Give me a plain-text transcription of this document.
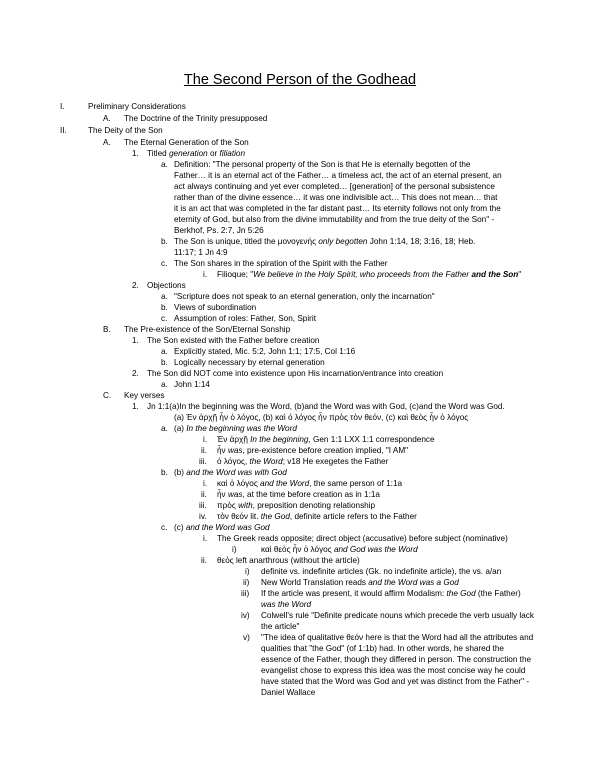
The Second Person of the Godhead
I.	Preliminary Considerations
A. The Doctrine of the Trinity presupposed
II.	The Deity of the Son
A. The Eternal Generation of the Son
1. Titled generation or filiation
a. Definition: "The personal property of the Son is that He is eternally begotten of the
Father… it is an eternal act of the Father… a timeless act, the act of an eternal present, an
act always continuing and yet ever completed… [generation] of the personal subsistence
rather than of the divine essence… it was one indivisible act… This does not mean… that
it is an act that was completed in the far distant past… Its eternity follows not only from the
eternity of God, but also from the divine immutability and from the true deity of the Son" -
Berkhof, Ps. 2:7, Jn 5:26
b. The Son is unique, titled the μονογενής only begotten John 1:14, 18; 3:16, 18; Heb.
11:17; 1 Jn 4:9
c. The Son shares in the spiration of the Spirit with the Father
i. Filioque; "We believe in the Holy Spirit, who proceeds from the Father and the Son"
2. Objections
a. "Scripture does not speak to an eternal generation, only the incarnation"
b. Views of subordination
c. Assumption of roles: Father, Son, Spirit
B. The Pre-existence of the Son/Eternal Sonship
1. The Son existed with the Father before creation
a. Explicitly stated, Mic. 5:2, John 1:1; 17:5, Col 1:16
b. Logically necessary by eternal generation
2. The Son did NOT come into existence upon His incarnation/entrance into creation
a. John 1:14
C. Key verses
1. Jn 1:1(a)In the beginning was the Word, (b)and the Word was with God, (c)and the Word was God.
(a) Ἐν ἀρχῇ ἦν ὁ λόγος, (b) καὶ ὁ λόγος ἦν πρὸς τὸν θεόν, (c) καὶ θεὸς ἦν ὁ λόγος
a. (a) In the beginning was the Word
i. Ἐν ἀρχῇ In the beginning, Gen 1:1 LXX 1:1 correspondence
ii. ἦν was, pre-existence before creation implied, "I AM"
iii. ὁ λόγος, the Word; v18 He exegetes the Father
b. (b) and the Word was with God
i. καὶ ὁ λόγος and the Word, the same person of 1:1a
ii. ἦν was, at the time before creation as in 1:1a
iii. πρὸς with, preposition denoting relationship
iv. τὸν θεόν lit. the God, definite article refers to the Father
c. (c) and the Word was God
i. The Greek reads opposite; direct object (accusative) before subject (nominative)
i)	καὶ θεὸς ἦν ὁ λόγος and God was the Word
ii. θεὸς left anarthrous (without the article)
i) definite vs. indefinite articles (Gk. no indefinite article), the vs. a/an
ii) New World Translation reads and the Word was a God
iii) If the article was present, it would affirm Modalism: the God (the Father)
was the Word
iv) Colwell's rule "Definite predicate nouns which precede the verb usually lack
the article"
v) "The idea of qualitative θεόν here is that the Word had all the attributes and
qualities that "the God" (of 1:1b) had. In other words, he shared the
essence of the Father, though they differed in person. The construction the
evangelist chose to express this idea was the most concise way he could
have stated that the Word was God and yet was distinct from the Father" -
Daniel Wallace
